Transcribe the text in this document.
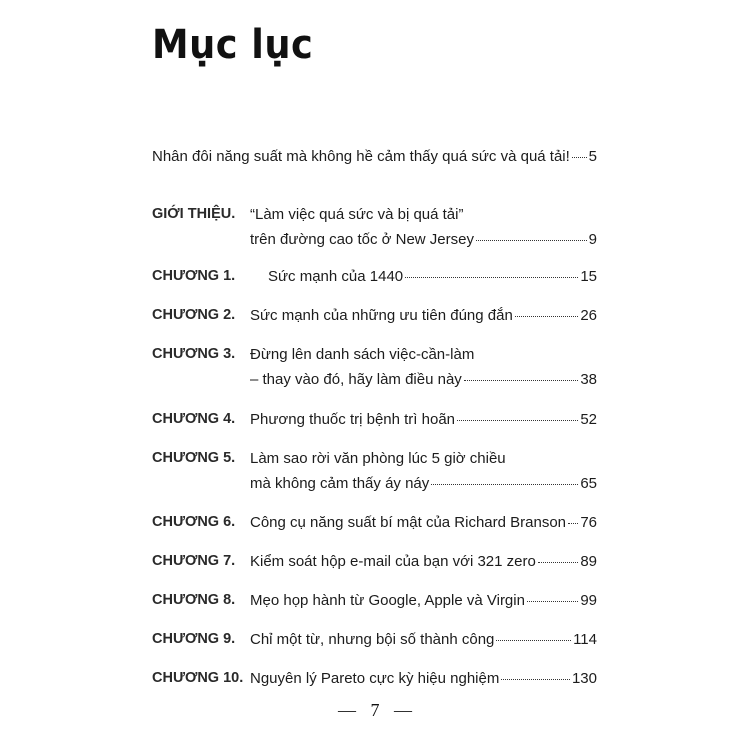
Mục lục
Nhân đôi năng suất mà không hề cảm thấy quá sức và quá tải! 5
GIỚI THIỆU. “Làm việc quá sức và bị quá tải”
trên đường cao tốc ở New Jersey	9
CHƯƠNG 1. Sức mạnh của 1440	15
CHƯƠNG 2. Sức mạnh của những ưu tiên đúng đắn	26
CHƯƠNG 3. Đừng lên danh sách việc-cần-làm
– thay vào đó, hãy làm điều này	38
CHƯƠNG 4. Phương thuốc trị bệnh trì hoãn	52
CHƯƠNG 5. Làm sao rời văn phòng lúc 5 giờ chiều
mà không cảm thấy áy náy	65
CHƯƠNG 6. Công cụ năng suất bí mật của Richard Branson 76
CHƯƠNG 7. Kiểm soát hộp e-mail của bạn với 321 zero	89
CHƯƠNG 8. Mẹo họp hành từ Google, Apple và Virgin	99
CHƯƠNG 9. Chỉ một từ, nhưng bội số thành công	114
CHƯƠNG 10. Nguyên lý Pareto cực kỳ hiệu nghiệm	130
— 7 —
